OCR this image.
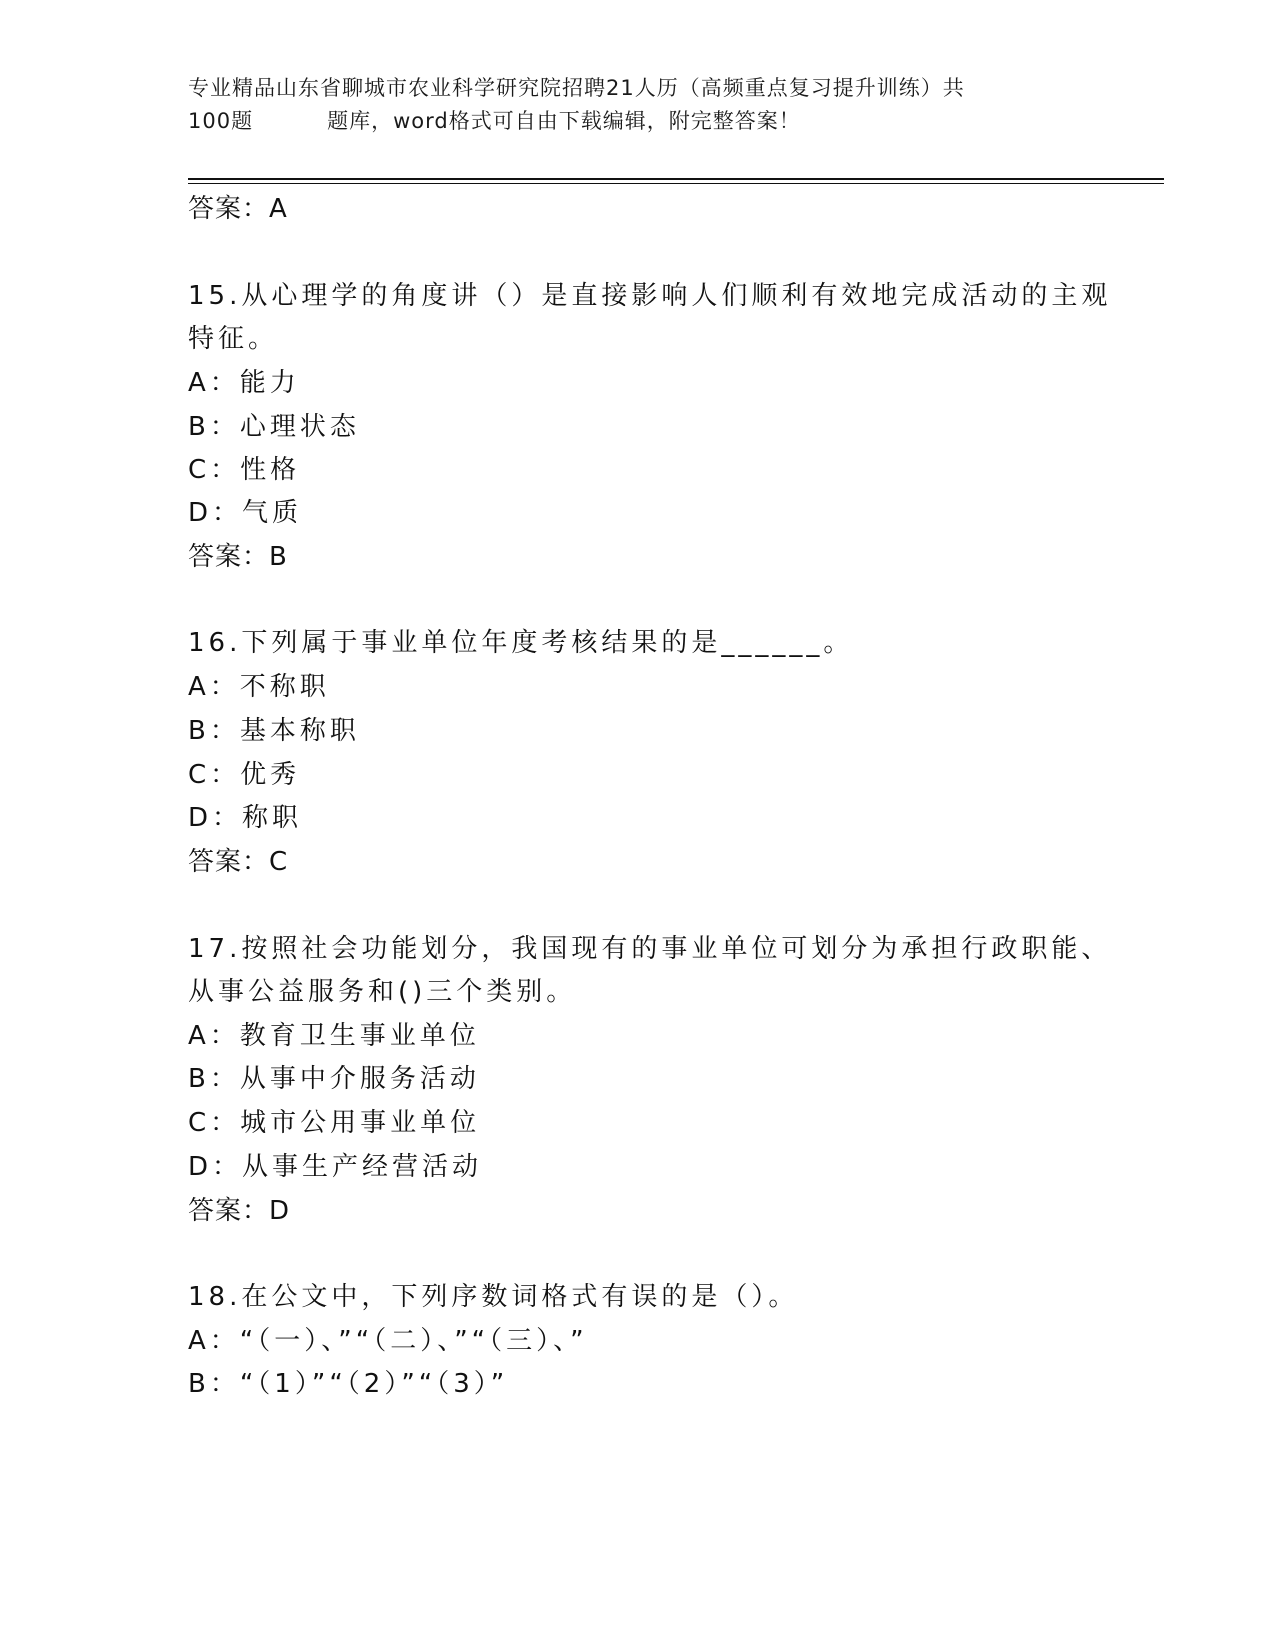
专业精品山东省聊城市农业科学研究院招聘21人历（高频重点复习提升训练）共
100题	题库，word格式可自由下载编辑，附完整答案！
答案：A
15.从心理学的角度讲（）是直接影响人们顺利有效地完成活动的主观
特征。
A：能力
B：心理状态
C：性格
D：气质
答案：B
16.下列属于事业单位年度考核结果的是______。
A：不称职
B：基本称职
C：优秀
D：称职
答案：C
17.按照社会功能划分，我国现有的事业单位可划分为承担行政职能、
从事公益服务和()三个类别。
A：教育卫生事业单位
B：从事中介服务活动
C：城市公用事业单位
D：从事生产经营活动
答案：D
18.在公文中，下列序数词格式有误的是（）。
A：“（一）、”“（二）、”“（三）、”
B：“（1）”“（2）”“（3）”
